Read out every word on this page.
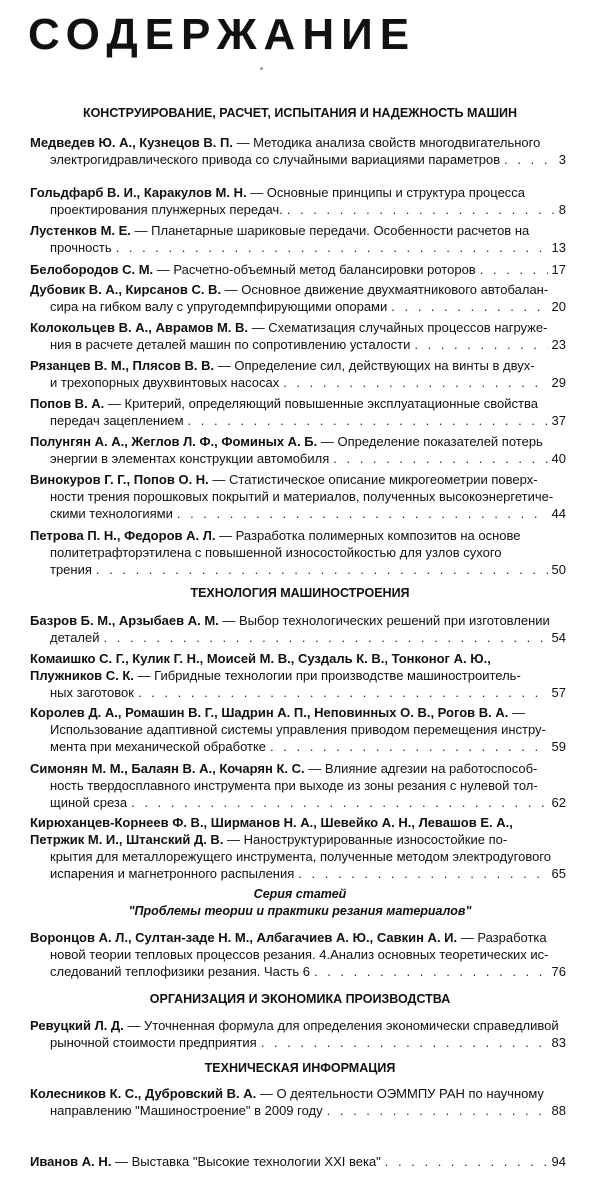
СОДЕРЖАНИЕ
КОНСТРУИРОВАНИЕ, РАСЧЕТ, ИСПЫТАНИЯ И НАДЕЖНОСТЬ МАШИН
Медведев Ю. А., Кузнецов В. П. — Методика анализа свойств многодвигательного
электрогидравлического привода со случайными вариациями параметров . . .	3
Гольдфарб В. И., Каракулов М. Н. — Основные принципы и структура процесса
проектирования плунжерных передач. . . .	8
Лустенков М. Е. — Планетарные шариковые передачи. Особенности расчетов на
прочность . . .	13
Белобородов С. М. — Расчетно-объемный метод балансировки роторов . . .	17
Дубовик В. А., Кирсанов С. В. — Основное движение двухмаятникового автобалан-
сира на гибком валу с упругодемпфирующими опорами . . .	20
Колокольцев В. А., Аврамов М. В. — Схематизация случайных процессов нагруже-
ния в расчете деталей машин по сопротивлению усталости . . .	23
Рязанцев В. М., Плясов В. В. — Определение сил, действующих на винты в двух-
и трехопорных двухвинтовых насосах . . .	29
Попов В. А. — Критерий, определяющий повышенные эксплуатационные свойства
передач зацеплением . . .	37
Полунгян А. А., Жеглов Л. Ф., Фоминых А. Б. — Определение показателей потерь
энергии в элементах конструкции автомобиля . . .	40
Винокуров Г. Г., Попов О. Н. — Статистическое описание микрогеометрии поверх-
ности трения порошковых покрытий и материалов, полученных высокоэнергетиче-
скими технологиями . . .	44
Петрова П. Н., Федоров А. Л. — Разработка полимерных композитов на основе
политетрафторэтилена с повышенной износостойкостью для узлов сухого
трения . . .	50
ТЕХНОЛОГИЯ МАШИНОСТРОЕНИЯ
Базров Б. М., Арзыбаев А. М. — Выбор технологических решений при изготовлении
деталей . . .	54
Комаишко С. Г., Кулик Г. Н., Моисей М. В., Суздаль К. В., Тонконог А. Ю.,
Плужников С. К. — Гибридные технологии при производстве машиностроитель-
ных заготовок . . .	57
Королев Д. А., Ромашин В. Г., Шадрин А. П., Неповинных О. В., Рогов В. А. —
Использование адаптивной системы управления приводом перемещения инстру-
мента при механической обработке . . .	59
Симонян М. М., Балаян В. А., Кочарян К. С. — Влияние адгезии на работоспособ-
ность твердосплавного инструмента при выходе из зоны резания с нулевой тол-
щиной среза . . .	62
Кирюханцев-Корнеев Ф. В., Ширманов Н. А., Шевейко А. Н., Левашов Е. А.,
Петржик М. И., Штанский Д. В. — Наноструктурированные износостойкие по-
крытия для металлорежущего инструмента, полученные методом электродугового
испарения и магнетронного распыления . . .	65
Серия статей
"Проблемы теории и практики резания материалов"
Воронцов А. Л., Султан-заде Н. М., Албагачиев А. Ю., Савкин А. И. — Разработка
новой теории тепловых процессов резания. 4.Анализ основных теоретических ис-
следований теплофизики резания. Часть 6 . . .	76
ОРГАНИЗАЦИЯ И ЭКОНОМИКА ПРОИЗВОДСТВА
Ревуцкий Л. Д. — Уточненная формула для определения экономически справедливой
рыночной стоимости предприятия . . .	83
ТЕХНИЧЕСКАЯ ИНФОРМАЦИЯ
Колесников К. С., Дубровский В. А. — О деятельности ОЭММПУ РАН по научному
направлению "Машиностроение" в 2009 году . . .	88
Иванов А. Н. — Выставка "Высокие технологии XXI века" . . .	94
